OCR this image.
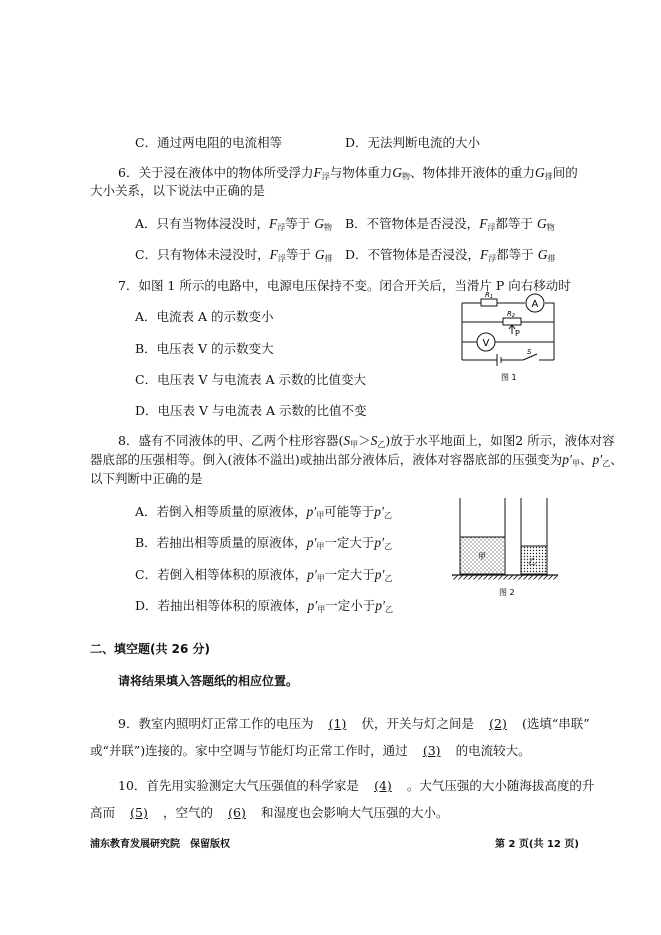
C．通过两电阻的电流相等	D．无法判断电流的大小
6．关于浸在液体中的物体所受浮力$F_浮$与物体重力$G_物$、物体排开液体的重力$G_排$间的
大小关系，以下说法中正确的是
A．只有当物体浸没时，$F_浮$等于 $G_物$ B．不管物体是否浸没，$F_浮$都等于 $G_物$
C．只有物体未浸没时，$F_浮$等于 $G_排$ D．不管物体是否浸没，$F_浮$都等于 $G_排$
7．如图 1 所示的电路中，电源电压保持不变。闭合开关后，当滑片 P 向右移动时
A．电流表 A 的示数变小
B．电压表 V 的示数变大
C．电压表 V 与电流表 A 示数的比值变大
D．电压表 V 与电流表 A 示数的比值不变
A
V
R1
R2
P
S
图 1
8．盛有不同液体的甲、乙两个柱形容器$(S_甲>S_乙)$放于水平地面上，如图2 所示，液体对容
器底部的压强相等。倒入(液体不溢出)或抽出部分液体后，液体对容器底部的压强变为$p'_甲$、$p'_乙$、
以下判断中正确的是
A．若倒入相等质量的原液体，$p'_甲$可能等于$p'_乙$
B．若抽出相等质量的原液体，$p'_甲$一定大于$p'_乙$
C．若倒入相等体积的原液体，$p'_甲$一定大于$p'_乙$
D．若抽出相等体积的原液体，$p'_甲$一定小于$p'_乙$
甲
乙
图 2
二、填空题(共 26 分)
请将结果填入答题纸的相应位置。
9．教室内照明灯正常工作的电压为 (1) 伏，开关与灯之间是 (2) (选填“串联”
或“并联”)连接的。家中空调与节能灯均正常工作时，通过 (3) 的电流较大。
10．首先用实验测定大气压强值的科学家是 (4) 。大气压强的大小随海拔高度的升
高而 (5) ，空气的 (6) 和湿度也会影响大气压强的大小。
浦东教育发展研究院　保留版权	第 2 页(共 12 页)
